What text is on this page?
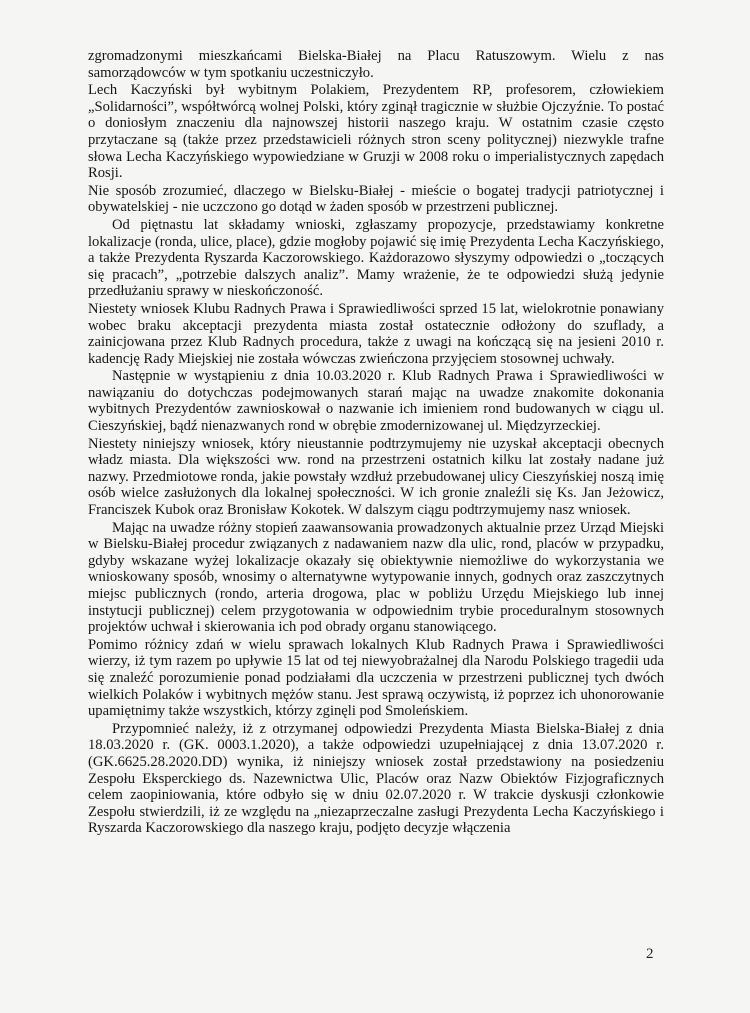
zgromadzonymi mieszkańcami Bielska-Białej na Placu Ratuszowym. Wielu z nas samorządowców w tym spotkaniu uczestniczyło.

Lech Kaczyński był wybitnym Polakiem, Prezydentem RP, profesorem, człowiekiem „Solidarności”, współtwórcą wolnej Polski, który zginął tragicznie w służbie Ojczyźnie. To postać o doniosłym znaczeniu dla najnowszej historii naszego kraju. W ostatnim czasie często przytaczane są (także przez przedstawicieli różnych stron sceny politycznej) niezwykle trafne słowa Lecha Kaczyńskiego wypowiedziane w Gruzji w 2008 roku o imperialistycznych zapędach Rosji.

Nie sposób zrozumieć, dlaczego w Bielsku-Białej - mieście o bogatej tradycji patriotycznej i obywatelskiej - nie uczczono go dotąd w żaden sposób w przestrzeni publicznej.

Od piętnastu lat składamy wnioski, zgłaszamy propozycje, przedstawiamy konkretne lokalizacje (ronda, ulice, place), gdzie mogłoby pojawić się imię Prezydenta Lecha Kaczyńskiego, a także Prezydenta Ryszarda Kaczorowskiego. Każdorazowo słyszymy odpowiedzi o „toczących się pracach”, „potrzebie dalszych analiz”. Mamy wrażenie, że te odpowiedzi służą jedynie przedłużaniu sprawy w nieskończoność.

Niestety wniosek Klubu Radnych Prawa i Sprawiedliwości sprzed 15 lat, wielokrotnie ponawiany wobec braku akceptacji prezydenta miasta został ostatecznie odłożony do szuflady, a zainicjowana przez Klub Radnych procedura, także z uwagi na kończącą się na jesieni 2010 r. kadencję Rady Miejskiej nie została wówczas zwieńczona przyjęciem stosownej uchwały.

Następnie w wystąpieniu z dnia 10.03.2020 r. Klub Radnych Prawa i Sprawiedliwości w nawiązaniu do dotychczas podejmowanych starań mając na uwadze znakomite dokonania wybitnych Prezydentów zawnioskował o nazwanie ich imieniem rond budowanych w ciągu ul. Cieszyńskiej, bądź nienazwanych rond w obrębie zmodernizowanej ul. Międzyrzeckiej.

Niestety niniejszy wniosek, który nieustannie podtrzymujemy nie uzyskał akceptacji obecnych władz miasta. Dla większości ww. rond na przestrzeni ostatnich kilku lat zostały nadane już nazwy. Przedmiotowe ronda, jakie powstały wzdłuż przebudowanej ulicy Cieszyńskiej noszą imię osób wielce zasłużonych dla lokalnej społeczności. W ich gronie znaleźli się Ks. Jan Jeżowicz, Franciszek Kubok oraz Bronisław Kokotek. W dalszym ciągu podtrzymujemy nasz wniosek.

Mając na uwadze różny stopień zaawansowania prowadzonych aktualnie przez Urząd Miejski w Bielsku-Białej procedur związanych z nadawaniem nazw dla ulic, rond, placów w przypadku, gdyby wskazane wyżej lokalizacje okazały się obiektywnie niemożliwe do wykorzystania we wnioskowany sposób, wnosimy o alternatywne wytypowanie innych, godnych oraz zaszczytnych miejsc publicznych (rondo, arteria drogowa, plac w pobliżu Urzędu Miejskiego lub innej instytucji publicznej) celem przygotowania w odpowiednim trybie proceduralnym stosownych projektów uchwał i skierowania ich pod obrady organu stanowiącego.

Pomimo różnicy zdań w wielu sprawach lokalnych Klub Radnych Prawa i Sprawiedliwości wierzy, iż tym razem po upływie 15 lat od tej niewyobrażalnej dla Narodu Polskiego tragedii uda się znaleźć porozumienie ponad podziałami dla uczczenia w przestrzeni publicznej tych dwóch wielkich Polaków i wybitnych mężów stanu. Jest sprawą oczywistą, iż poprzez ich uhonorowanie upamiętnimy także wszystkich, którzy zginęli pod Smoleńskiem.

Przypomnieć należy, iż z otrzymanej odpowiedzi Prezydenta Miasta Bielska-Białej z dnia 18.03.2020 r. (GK. 0003.1.2020), a także odpowiedzi uzupełniającej z dnia 13.07.2020 r. (GK.6625.28.2020.DD) wynika, iż niniejszy wniosek został przedstawiony na posiedzeniu Zespołu Eksperckiego ds. Nazewnictwa Ulic, Placów oraz Nazw Obiektów Fizjograficznych celem zaopiniowania, które odbyło się w dniu 02.07.2020 r. W trakcie dyskusji członkowie Zespołu stwierdzili, iż ze względu na „niezaprzeczalne zasługi Prezydenta Lecha Kaczyńskiego i Ryszarda Kaczorowskiego dla naszego kraju, podjęto decyzje włączenia

2
